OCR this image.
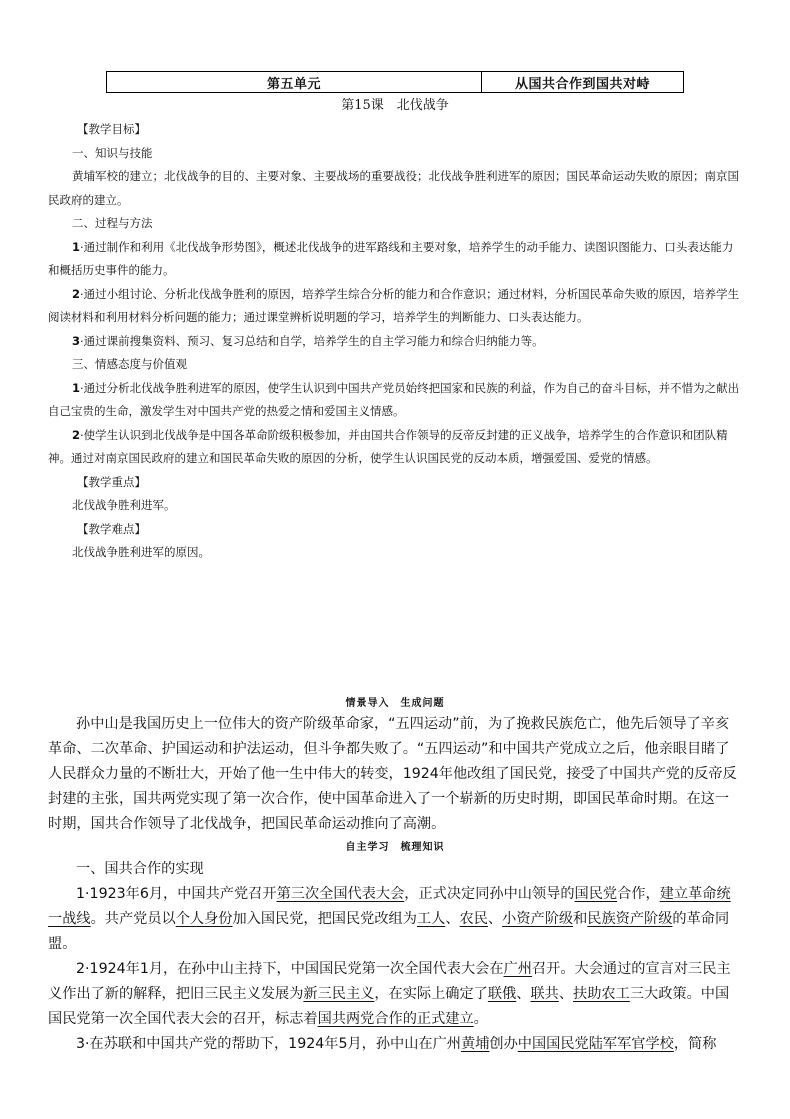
第五单元	从国共合作到国共对峙
第15课　北伐战争

【教学目标】

一、知识与技能

黄埔军校的建立；北伐战争的目的、主要对象、主要战场的重要战役；北伐战争胜利进军的原因；国民革命运动失败的原因；南京国民政府的建立。

二、过程与方法

1·通过制作和利用《北伐战争形势图》，概述北伐战争的进军路线和主要对象，培养学生的动手能力、读图识图能力、口头表达能力和概括历史事件的能力。

2·通过小组讨论、分析北伐战争胜利的原因，培养学生综合分析的能力和合作意识；通过材料，分析国民革命失败的原因，培养学生阅读材料和利用材料分析问题的能力；通过课堂辨析说明题的学习，培养学生的判断能力、口头表达能力。

3·通过课前搜集资料、预习、复习总结和自学，培养学生的自主学习能力和综合归纳能力等。

三、情感态度与价值观

1·通过分析北伐战争胜利进军的原因，使学生认识到中国共产党员始终把国家和民族的利益，作为自己的奋斗目标，并不惜为之献出自己宝贵的生命，激发学生对中国共产党的热爱之情和爱国主义情感。

2·使学生认识到北伐战争是中国各革命阶级积极参加，并由国共合作领导的反帝反封建的正义战争，培养学生的合作意识和团队精神。通过对南京国民政府的建立和国民革命失败的原因的分析，使学生认识国民党的反动本质，增强爱国、爱党的情感。

【教学重点】

北伐战争胜利进军。

【教学难点】

北伐战争胜利进军的原因。

情景导入　生成问题

孙中山是我国历史上一位伟大的资产阶级革命家，“五四运动”前，为了挽救民族危亡，他先后领导了辛亥革命、二次革命、护国运动和护法运动，但斗争都失败了。“五四运动”和中国共产党成立之后，他亲眼目睹了人民群众力量的不断壮大，开始了他一生中伟大的转变，1924年他改组了国民党，接受了中国共产党的反帝反封建的主张，国共两党实现了第一次合作，使中国革命进入了一个崭新的历史时期，即国民革命时期。在这一时期，国共合作领导了北伐战争，把国民革命运动推向了高潮。

自主学习　梳理知识

一、国共合作的实现

1·1923年6月，中国共产党召开第三次全国代表大会，正式决定同孙中山领导的国民党合作，建立革命统一战线。共产党员以个人身份加入国民党，把国民党改组为工人、农民、小资产阶级和民族资产阶级的革命同盟。

2·1924年1月，在孙中山主持下，中国国民党第一次全国代表大会在广州召开。大会通过的宣言对三民主义作出了新的解释，把旧三民主义发展为新三民主义，在实际上确定了联俄、联共、扶助农工三大政策。中国国民党第一次全国代表大会的召开，标志着国共两党合作的正式建立。

3·在苏联和中国共产党的帮助下，1924年5月，孙中山在广州黄埔创办中国国民党陆军军官学校，简称
